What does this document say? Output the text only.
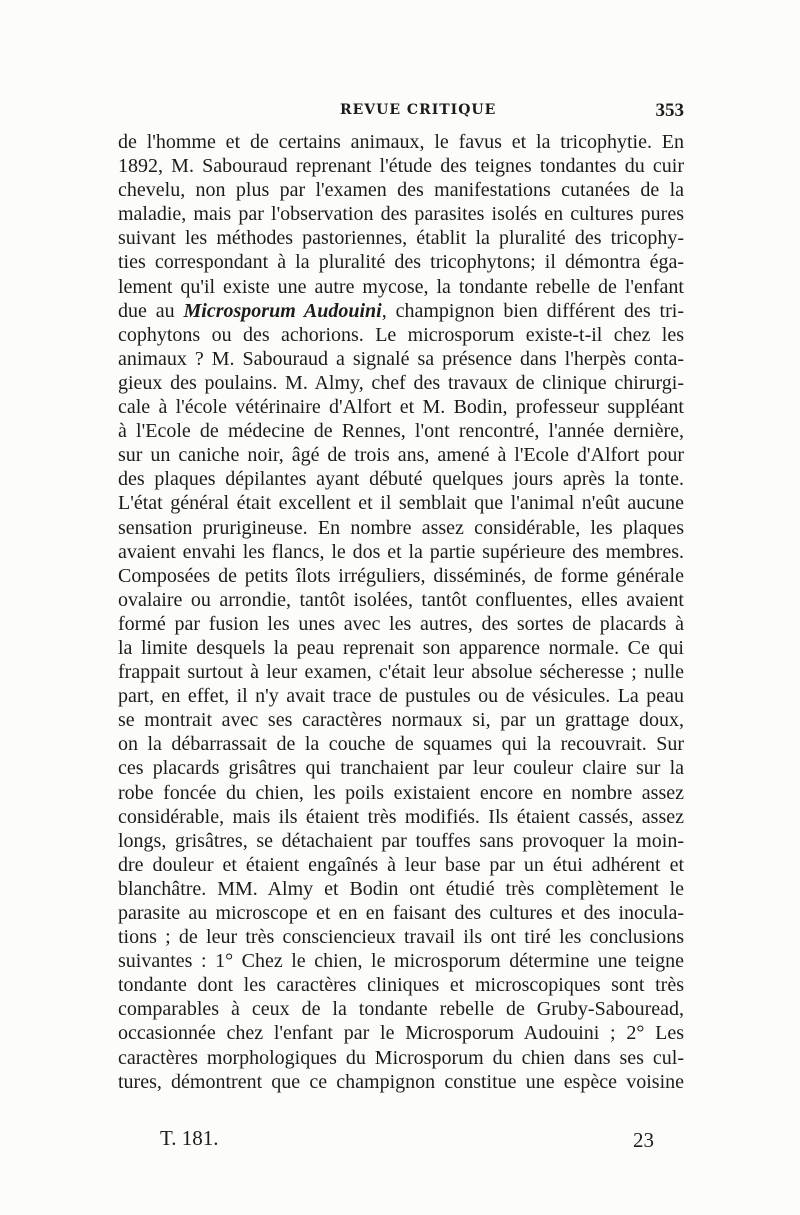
REVUE CRITIQUE	353
de l'homme et de certains animaux, le favus et la tricophytie. En
1892, M. Sabouraud reprenant l'étude des teignes tondantes du cuir
chevelu, non plus par l'examen des manifestations cutanées de la
maladie, mais par l'observation des parasites isolés en cultures pures
suivant les méthodes pastoriennes, établit la pluralité des tricophy-
ties correspondant à la pluralité des tricophytons; il démontra éga-
lement qu'il existe une autre mycose, la tondante rebelle de l'enfant
due au Microsporum Audouini, champignon bien différent des tri-
cophytons ou des achorions. Le microsporum existe-t-il chez les
animaux ? M. Sabouraud a signalé sa présence dans l'herpès conta-
gieux des poulains. M. Almy, chef des travaux de clinique chirurgi-
cale à l'école vétérinaire d'Alfort et M. Bodin, professeur suppléant
à l'Ecole de médecine de Rennes, l'ont rencontré, l'année dernière,
sur un caniche noir, âgé de trois ans, amené à l'Ecole d'Alfort pour
des plaques dépilantes ayant débuté quelques jours après la tonte.
L'état général était excellent et il semblait que l'animal n'eût aucune
sensation prurigineuse. En nombre assez considérable, les plaques
avaient envahi les flancs, le dos et la partie supérieure des membres.
Composées de petits îlots irréguliers, disséminés, de forme générale
ovalaire ou arrondie, tantôt isolées, tantôt confluentes, elles avaient
formé par fusion les unes avec les autres, des sortes de placards à
la limite desquels la peau reprenait son apparence normale. Ce qui
frappait surtout à leur examen, c'était leur absolue sécheresse ; nulle
part, en effet, il n'y avait trace de pustules ou de vésicules. La peau
se montrait avec ses caractères normaux si, par un grattage doux,
on la débarrassait de la couche de squames qui la recouvrait. Sur
ces placards grisâtres qui tranchaient par leur couleur claire sur la
robe foncée du chien, les poils existaient encore en nombre assez
considérable, mais ils étaient très modifiés. Ils étaient cassés, assez
longs, grisâtres, se détachaient par touffes sans provoquer la moin-
dre douleur et étaient engaînés à leur base par un étui adhérent et
blanchâtre. MM. Almy et Bodin ont étudié très complètement le
parasite au microscope et en en faisant des cultures et des inocula-
tions ; de leur très consciencieux travail ils ont tiré les conclusions
suivantes : 1° Chez le chien, le microsporum détermine une teigne
tondante dont les caractères cliniques et microscopiques sont très
comparables à ceux de la tondante rebelle de Gruby-Sabouread,
occasionnée chez l'enfant par le Microsporum Audouini ; 2° Les
caractères morphologiques du Microsporum du chien dans ses cul-
tures, démontrent que ce champignon constitue une espèce voisine
T. 181.	23
